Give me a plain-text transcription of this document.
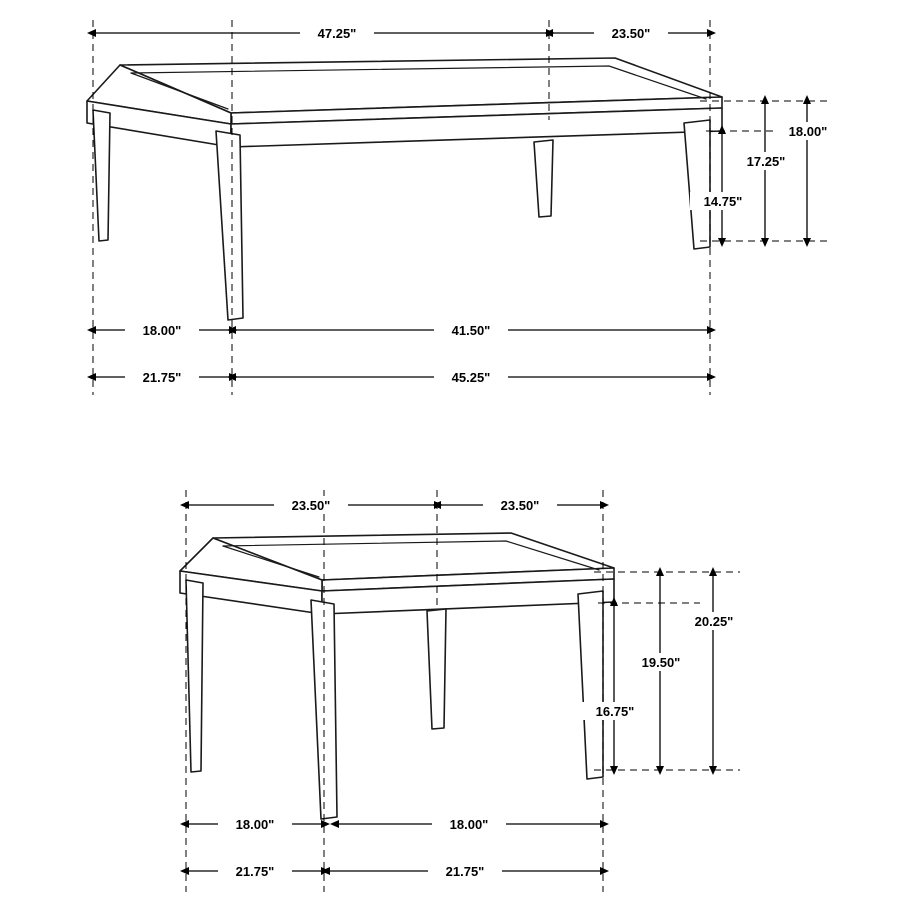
47.25"	23.50"
18.00"
17.25"
14.75"
18.00"	41.50"
21.75"	45.25"
23.50"	23.50"
20.25"
19.50"
16.75"
18.00"	18.00"
21.75"	21.75"
